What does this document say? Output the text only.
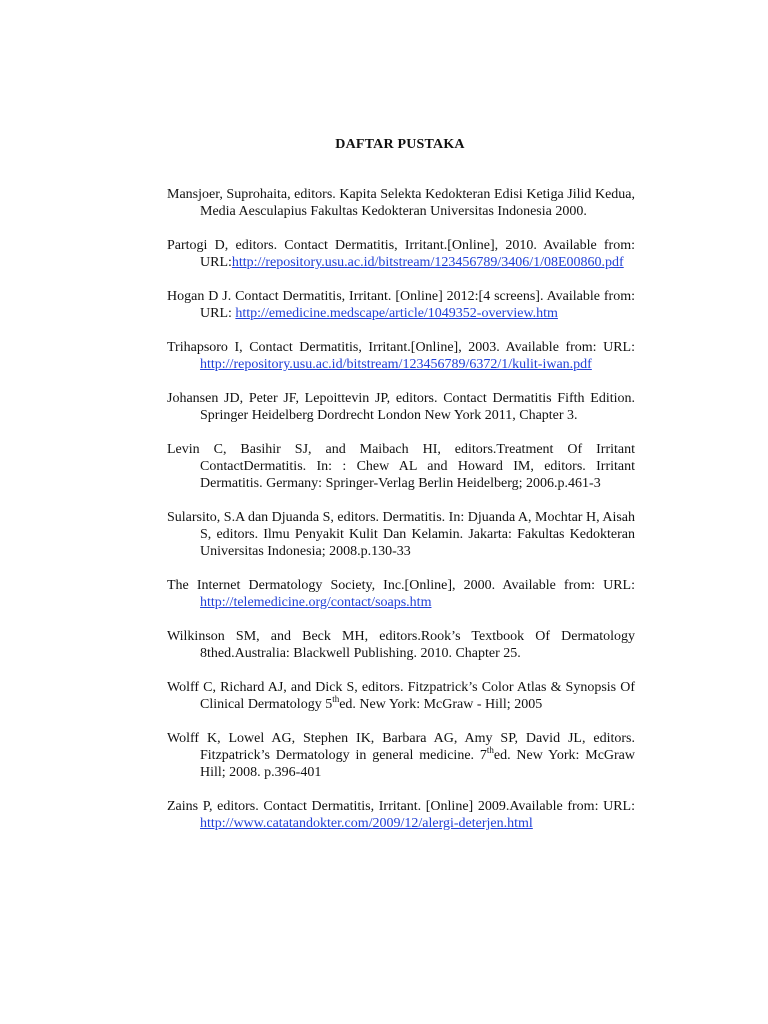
DAFTAR PUSTAKA

Mansjoer, Suprohaita, editors. Kapita Selekta Kedokteran Edisi Ketiga Jilid Kedua, Media Aesculapius Fakultas Kedokteran Universitas Indonesia 2000.

Partogi D, editors. Contact Dermatitis, Irritant.[Online], 2010. Available from: URL:http://repository.usu.ac.id/bitstream/123456789/3406/1/08E00860.pdf

Hogan D J. Contact Dermatitis, Irritant. [Online] 2012:[4 screens]. Available from: URL: http://emedicine.medscape/article/1049352-overview.htm

Trihapsoro I, Contact Dermatitis, Irritant.[Online], 2003. Available from: URL: http://repository.usu.ac.id/bitstream/123456789/6372/1/kulit-iwan.pdf

Johansen JD, Peter JF, Lepoittevin JP, editors. Contact Dermatitis Fifth Edition. Springer Heidelberg Dordrecht London New York 2011, Chapter 3.

Levin C, Basihir SJ, and Maibach HI, editors.Treatment Of Irritant ContactDermatitis. In: : Chew AL and Howard IM, editors. Irritant Dermatitis. Germany: Springer-Verlag Berlin Heidelberg; 2006.p.461-3

Sularsito, S.A dan Djuanda S, editors. Dermatitis. In: Djuanda A, Mochtar H, Aisah S, editors. Ilmu Penyakit Kulit Dan Kelamin. Jakarta: Fakultas Kedokteran Universitas Indonesia; 2008.p.130-33

The Internet Dermatology Society, Inc.[Online], 2000. Available from: URL: http://telemedicine.org/contact/soaps.htm

Wilkinson SM, and Beck MH, editors.Rook’s Textbook Of Dermatology 8thed.Australia: Blackwell Publishing. 2010. Chapter 25.

Wolff C, Richard AJ, and Dick S, editors. Fitzpatrick’s Color Atlas & Synopsis Of Clinical Dermatology 5thed. New York: McGraw - Hill; 2005

Wolff K, Lowel AG, Stephen IK, Barbara AG, Amy SP, David JL, editors. Fitzpatrick’s Dermatology in general medicine. 7thed. New York: McGraw Hill; 2008. p.396-401

Zains P, editors. Contact Dermatitis, Irritant. [Online] 2009.Available from: URL: http://www.catatandokter.com/2009/12/alergi-deterjen.html
